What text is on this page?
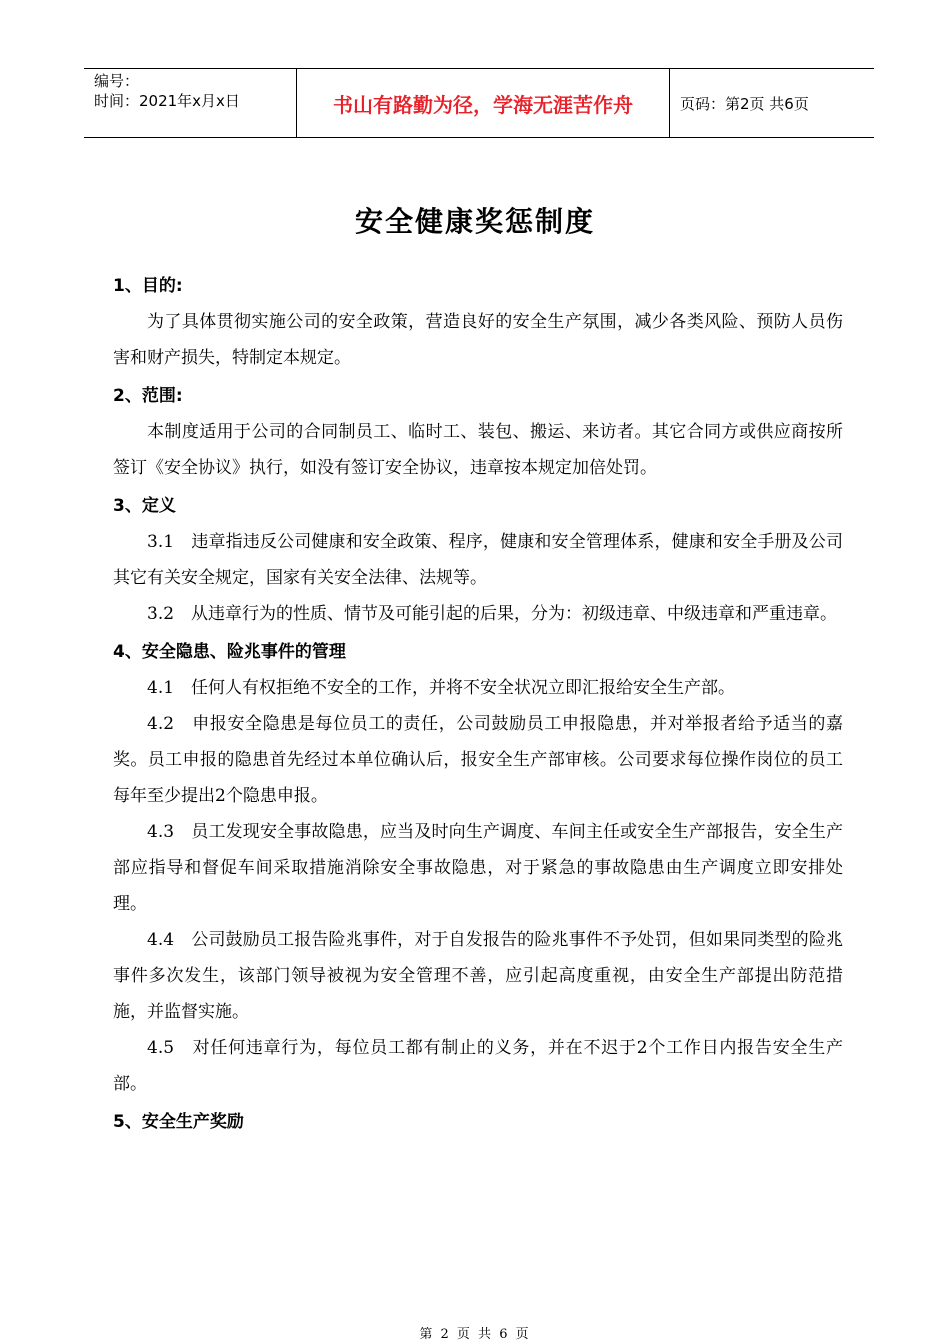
编号：
时间：2021年x月x日	书山有路勤为径，学海无涯苦作舟	页码：第2页 共6页
安全健康奖惩制度
1、目的:

为了具体贯彻实施公司的安全政策，营造良好的安全生产氛围，减少各类风险、预防人员伤害和财产损失，特制定本规定。

2、范围:

本制度适用于公司的合同制员工、临时工、装包、搬运、来访者。其它合同方或供应商按所签订《安全协议》执行，如没有签订安全协议，违章按本规定加倍处罚。

3、定义

3.1　违章指违反公司健康和安全政策、程序，健康和安全管理体系，健康和安全手册及公司其它有关安全规定，国家有关安全法律、法规等。

3.2　从违章行为的性质、情节及可能引起的后果，分为：初级违章、中级违章和严重违章。

4、安全隐患、险兆事件的管理

4.1　任何人有权拒绝不安全的工作，并将不安全状况立即汇报给安全生产部。

4.2　申报安全隐患是每位员工的责任，公司鼓励员工申报隐患，并对举报者给予适当的嘉奖。员工申报的隐患首先经过本单位确认后，报安全生产部审核。公司要求每位操作岗位的员工每年至少提出2个隐患申报。

4.3　员工发现安全事故隐患，应当及时向生产调度、车间主任或安全生产部报告，安全生产部应指导和督促车间采取措施消除安全事故隐患，对于紧急的事故隐患由生产调度立即安排处理。

4.4　公司鼓励员工报告险兆事件，对于自发报告的险兆事件不予处罚，但如果同类型的险兆事件多次发生，该部门领导被视为安全管理不善，应引起高度重视，由安全生产部提出防范措施，并监督实施。

4.5　对任何违章行为，每位员工都有制止的义务，并在不迟于2个工作日内报告安全生产部。

5、安全生产奖励
第 2 页 共 6 页
